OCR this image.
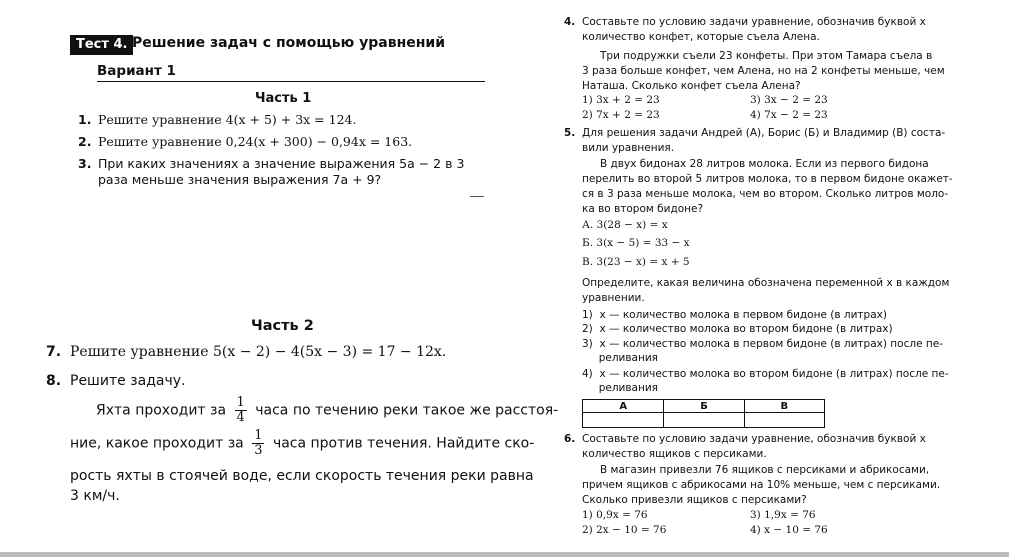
Тест 4. Решение задач с помощью уравнений
Вариант 1
Часть 1
1. Решите уравнение 4(x + 5) + 3x = 124.
2. Решите уравнение 0,24(x + 300) − 0,94x = 163.
3. При каких значениях a значение выражения 5a − 2 в 3 раза меньше значения выражения 7a + 9?
Часть 2
7. Решите уравнение 5(x − 2) − 4(5x − 3) = 17 − 12x.
8. Решите задачу.
Яхта проходит за $\frac{1}{4}$ часа по течению реки такое же расстоя-
ние, какое проходит за $\frac{1}{3}$ часа против течения. Найдите ско-
рость яхты в стоячей воде, если скорость течения реки равна
3 км/ч.
4. Составьте по условию задачи уравнение, обозначив буквой x
количество конфет, которые съела Алена.
Три подружки съели 23 конфеты. При этом Тамара съела в
3 раза больше конфет, чем Алена, но на 2 конфеты меньше, чем
Наташа. Сколько конфет съела Алена?
1) 3x + 2 = 23	3) 3x − 2 = 23
2) 7x + 2 = 23	4) 7x − 2 = 23
5. Для решения задачи Андрей (А), Борис (Б) и Владимир (В) соста-
вили уравнения.
В двух бидонах 28 литров молока. Если из первого бидона
перелить во второй 5 литров молока, то в первом бидоне окажет-
ся в 3 раза меньше молока, чем во втором. Сколько литров моло-
ка во втором бидоне?
А. 3(28 − x) = x
Б. 3(x − 5) = 33 − x
В. 3(23 − x) = x + 5
Определите, какая величина обозначена переменной x в каждом
уравнении.
1)  x — количество молока в первом бидоне (в литрах)
2)  x — количество молока во втором бидоне (в литрах)
3)  x — количество молока в первом бидоне (в литрах) после пе-
реливания
4)  x — количество молока во втором бидоне (в литрах) после пе-
реливания
А	Б	В

6. Составьте по условию задачи уравнение, обозначив буквой x
количество ящиков с персиками.
В магазин привезли 76 ящиков с персиками и абрикосами,
причем ящиков с абрикосами на 10% меньше, чем с персиками.
Сколько привезли ящиков с персиками?
1) 0,9x = 76	3) 1,9x = 76
2) 2x − 10 = 76	4) x − 10 = 76
